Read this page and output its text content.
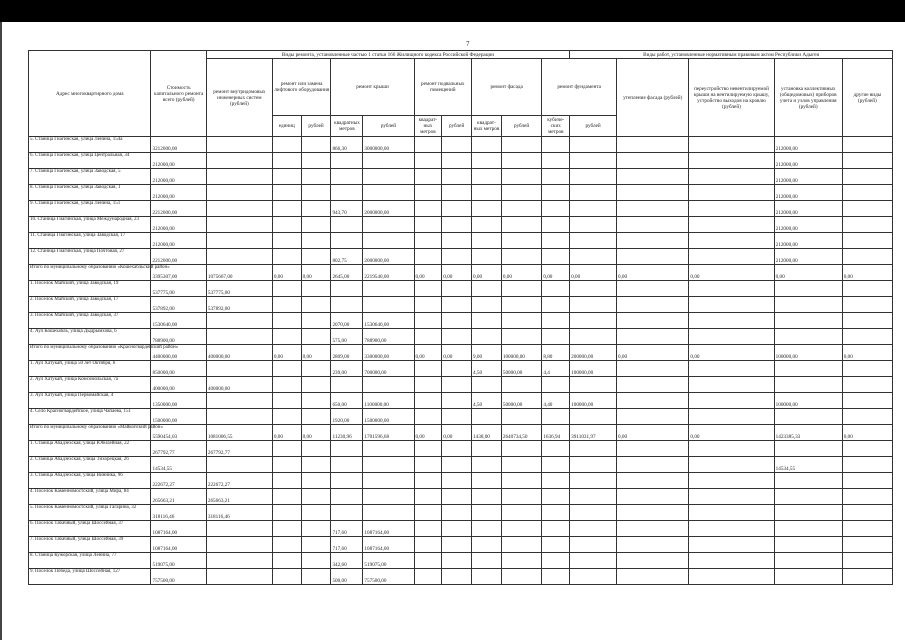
7
Адрес многоквартирного дома	Стоимость капитального ремонта всего (рублей)	Виды ремонта, установленные частью 1 статьи 166 Жилищного кодекса Российской Федерации										Виды работ, установленные нормативным правовым актом Республики Адыгея				
		ремонт внутридомовых инженерных систем (рублей)	ремонт или замена лифтового оборудования		ремонт крыши		ремонт подвальных помещений		ремонт фасада		ремонт фундамента		утепление фасада (рублей)	переустройство невентилируемой крыши на вентилируемую крышу, устройство выходов на кровлю (рублей)	установка коллективных (общедомовых) приборов учета и узлов управления (рублей)	другие виды (рублей)
			единиц	рублей	квадратных метров	рублей	квадрат-ных метров	рублей	квадрат-ных метров	рублей	кубиче-ских метров	рублей				
5. Станица Гиагинская, улица Ленина, 154а	3212000,00				866,30	3000000,00									212000,00	
6. Станица Гиагинская, улица Центральная, 34	212000,00														212000,00	
7. Станица Гиагинская, улица Заводская, 5	212000,00														212000,00	
8. Станица Гиагинская, улица Заводская, 1	212000,00														212000,00	
9. Станица Гиагинская, улица Ленина, 151	2212000,00				943,70	2000000,00									212000,00	
10. Станица Гиагинская, улица Международная, 23	212000,00														212000,00	
11. Станица Гиагинская, улица Заводская, 17	212000,00														212000,00	
12. Станица Гиагинская, улица Почтовая, 27	2212000,00				802,75	2000000,00									212000,00	
Итого по муниципальному образованию «Кошехабльский район»	3395307,00	1075667,00	0,00	0,00	2645,00	2219540,00	0,00	0,00	0,00	0,00	0,00	0,00	0,00	0,00	0,00	0,00
1. Поселок Майский, улица Заводская, 19	537775,00	537775,00														
2. Поселок Майский, улица Заводская, 17	537892,00	537892,00														
3. Поселок Майский, улица Заводская, 37	1530640,00				2070,00	1530640,00										
4. Аул Кошехабль, улица Дыдрымхова, 6	788900,00				575,00	788900,00										
Итого по муниципальному образованию «Красногвардейский район»	4400000,00	400000,00	0,00	0,00	2809,00	3300000,00	0,00	0,00	9,00	100000,00	8,80	200000,00	0,00	0,00	100000,00	0,00
1. Аул Хатукай, улица 50 лет Октября, 6	850000,00				239,00	700000,00			4,50	50000,00	4,4	100000,00				
2. Аул Хатукай, улица Комсомольская, 7а	400000,00	400000,00														
3. Аул Хатукай, улица Первомайская, 4	1350000,00				650,00	1100000,00			4,50	50000,00	4,40	100000,00			100000,00	
4. Село Красногвардейское, улица Чапаева, 151	1500000,00				1920,00	1500000,00										
Итого по муниципальному образованию «Майкопский район»	5590454,03	1081006,55	0,00	0,00	11230,96	1701596,68	0,00	0,00	1438,00	2640734,50	1636,94	3911031,97	0,00	0,00	1423385,33	0,00
1. Станица Абадзехская, улица Юбилейная, 22	267792,77	267792,77														
2. Станица Абадзехская, улица Тихорецкая, 26	14534,55														14534,55	
3. Станица Абадзехская, улица Винника, 96	222672,27	222672,27														
4. Поселок Каменномостский, улица Мира, 84	265663,21	265663,21														
5. Поселок Каменномостский, улица Гагарина, 32	318116,46	318116,46														
6. Поселок Табачный, улица Шоссейная, 37	1087164,00				717,60	1087164,00										
7. Поселок Табачный, улица Шоссейная, 39	1087164,00				717,60	1087164,00										
8. Станица Кужорская, улица Ленина, 77	519075,00				342,60	519075,00										
9. Поселок Победа, улица Шоссейная, 127	757500,00				500,00	757500,00										
